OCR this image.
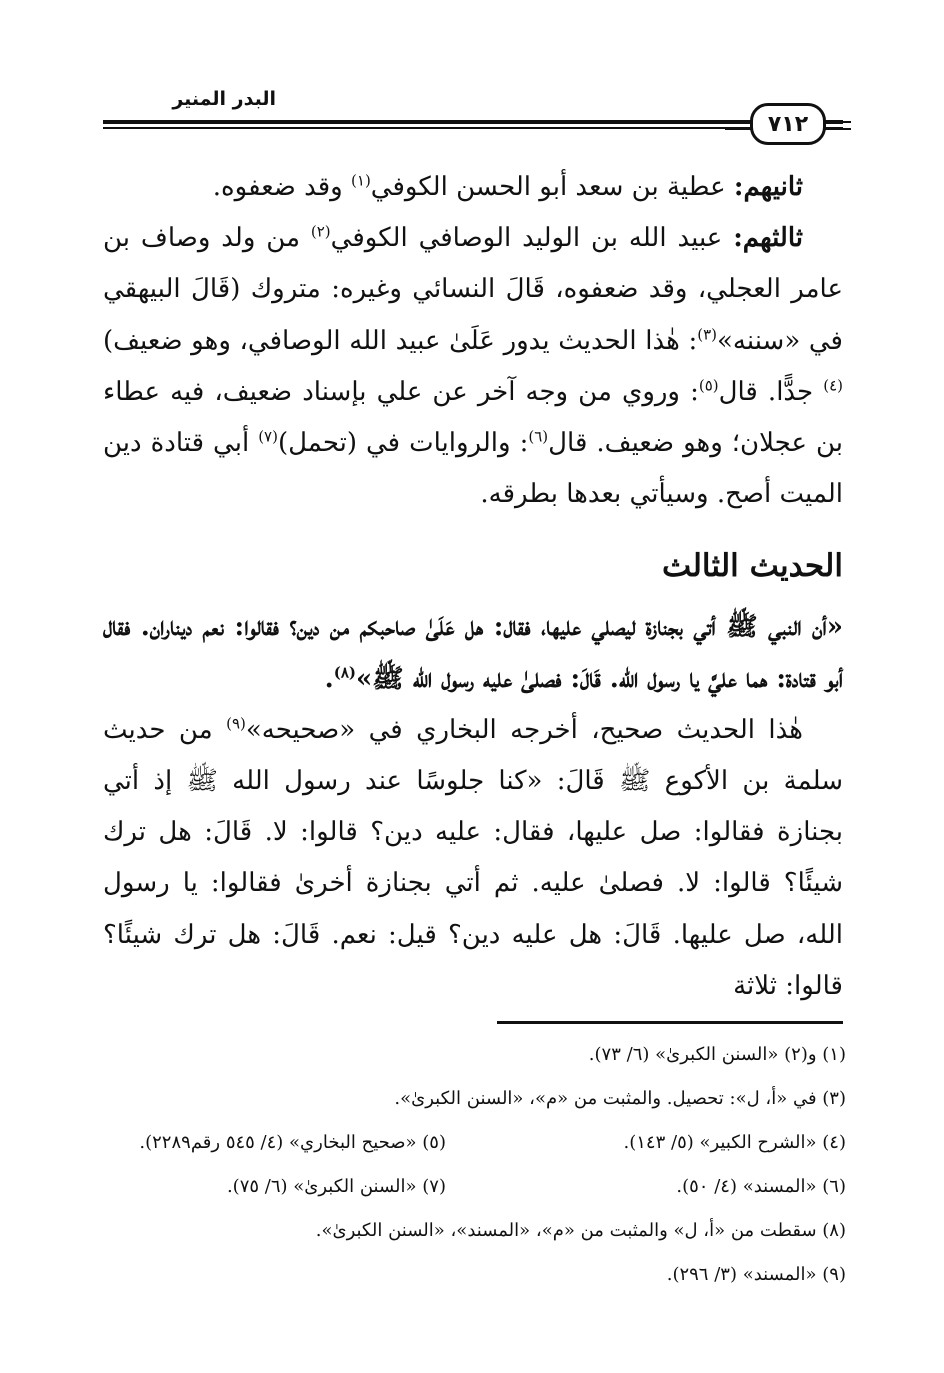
البدر المنير
٧١٢

ثانيهم: عطية بن سعد أبو الحسن الكوفي$^{(١)}$ وقد ضعفوه.

ثالثهم: عبيد الله بن الوليد الوصافي الكوفي$^{(٢)}$ من ولد وصاف بن عامر العجلي، وقد ضعفوه، قَالَ النسائي وغيره: متروك (قَالَ البيهقي في «سننه»$^{(٣)}$: هٰذا الحديث يدور عَلَىٰ عبيد الله الوصافي، وهو ضعيف)$^{(٤)}$ جدًّا. قال$^{(٥)}$: وروي من وجه آخر عن علي بإسناد ضعيف، فيه عطاء بن عجلان؛ وهو ضعيف. قال$^{(٦)}$: والروايات في (تحمل)$^{(٧)}$ أبي قتادة دين الميت أصح. وسيأتي بعدها بطرقه.

الحديث الثالث

«أن النبي ﷺ أتي بجنازة ليصلي عليها، فقال: هل عَلَىٰ صاحبكم من دين؟ فقالوا: نعم ديناران. فقال أبو قتادة: هما عليَّ يا رسول الله. قَالَ: فصلىٰ عليه رسول الله ﷺ»$^{(٨)}$.

هٰذا الحديث صحيح، أخرجه البخاري في «صحيحه»$^{(٩)}$ من حديث سلمة بن الأكوع ﷺ قَالَ: «كنا جلوسًا عند رسول الله ﷺ إذ أتي بجنازة فقالوا: صل عليها، فقال: عليه دين؟ قالوا: لا. قَالَ: هل ترك شيئًا؟ قالوا: لا. فصلىٰ عليه. ثم أتي بجنازة أخرىٰ فقالوا: يا رسول الله، صل عليها. قَالَ: هل عليه دين؟ قيل: نعم. قَالَ: هل ترك شيئًا؟ قالوا: ثلاثة

(١) و(٢) «السنن الكبرىٰ» (٦/ ٧٣).
(٣) في «أ، ل»: تحصيل. والمثبت من «م»، «السنن الكبرىٰ».
(٤) «الشرح الكبير» (٥/ ١٤٣).
(٥) «صحيح البخاري» (٤/ ٥٤٥ رقم٢٢٨٩).
(٦) «المسند» (٤/ ٥٠).
(٧) «السنن الكبرىٰ» (٦/ ٧٥).
(٨) سقطت من «أ، ل» والمثبت من «م»، «المسند»، «السنن الكبرىٰ».
(٩) «المسند» (٣/ ٢٩٦).
